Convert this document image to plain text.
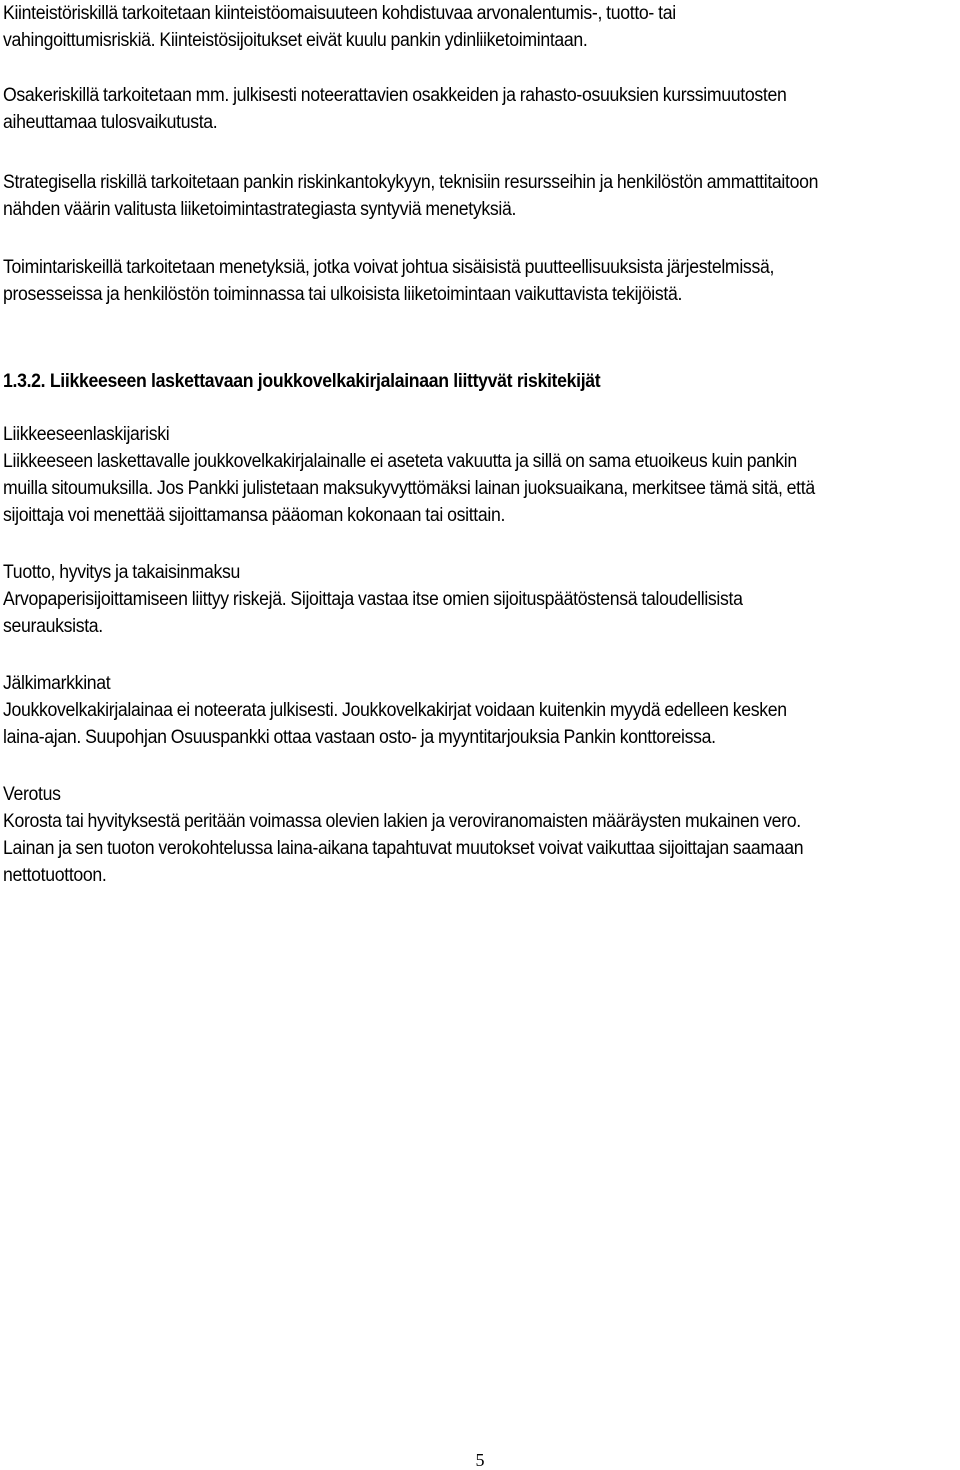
Kiinteistöriskillä tarkoitetaan kiinteistöomaisuuteen kohdistuvaa arvonalentumis-, tuotto- tai
vahingoittumisriskiä. Kiinteistösijoitukset eivät kuulu pankin ydinliiketoimintaan.

Osakeriskillä tarkoitetaan mm. julkisesti noteerattavien osakkeiden ja rahasto-osuuksien kurssimuutosten
aiheuttamaa tulosvaikutusta.

Strategisella riskillä tarkoitetaan pankin riskinkantokykyyn, teknisiin resursseihin ja henkilöstön ammattitaitoon
nähden väärin valitusta liiketoimintastrategiasta syntyviä menetyksiä.

Toimintariskeillä tarkoitetaan menetyksiä, jotka voivat johtua sisäisistä puutteellisuuksista järjestelmissä,
prosesseissa ja henkilöstön toiminnassa tai ulkoisista liiketoimintaan vaikuttavista tekijöistä.

1.3.2. Liikkeeseen laskettavaan joukkovelkakirjalainaan liittyvät riskitekijät
Liikkeeseenlaskijariski
Liikkeeseen laskettavalle joukkovelkakirjalainalle ei aseteta vakuutta ja sillä on sama etuoikeus kuin pankin
muilla sitoumuksilla. Jos Pankki julistetaan maksukyvyttömäksi lainan juoksuaikana, merkitsee tämä sitä, että
sijoittaja voi menettää sijoittamansa pääoman kokonaan tai osittain.
Tuotto, hyvitys ja takaisinmaksu
Arvopaperisijoittamiseen liittyy riskejä. Sijoittaja vastaa itse omien sijoituspäätöstensä taloudellisista
seurauksista.
Jälkimarkkinat
Joukkovelkakirjalainaa ei noteerata julkisesti. Joukkovelkakirjat voidaan kuitenkin myydä edelleen kesken
laina-ajan. Suupohjan Osuuspankki ottaa vastaan osto- ja myyntitarjouksia Pankin konttoreissa.
Verotus
Korosta tai hyvityksestä peritään voimassa olevien lakien ja veroviranomaisten määräysten mukainen vero.
Lainan ja sen tuoton verokohtelussa laina-aikana tapahtuvat muutokset voivat vaikuttaa sijoittajan saamaan
nettotuottoon.
5
